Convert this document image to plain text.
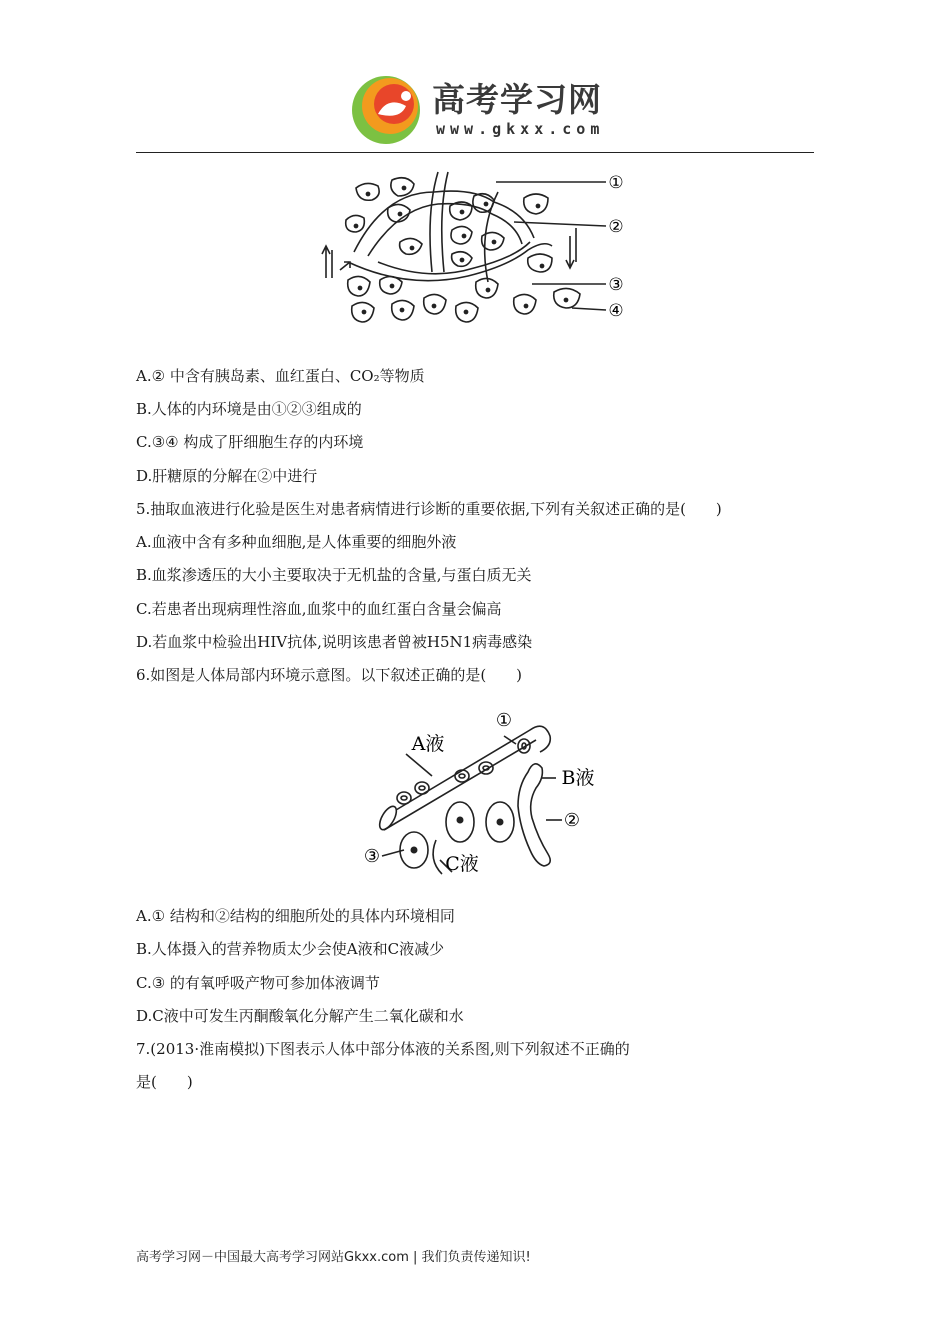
高考学习网
www.gkxx.com
①
②
③
④
A.② 中含有胰岛素、血红蛋白、CO₂等物质
B.人体的内环境是由①②③组成的
C.③④ 构成了肝细胞生存的内环境
D.肝糖原的分解在②中进行
5.抽取血液进行化验是医生对患者病情进行诊断的重要依据,下列有关叙述正确的是(　　)
A.血液中含有多种血细胞,是人体重要的细胞外液
B.血浆渗透压的大小主要取决于无机盐的含量,与蛋白质无关
C.若患者出现病理性溶血,血浆中的血红蛋白含量会偏高
D.若血浆中检验出HIV抗体,说明该患者曾被H5N1病毒感染
6.如图是人体局部内环境示意图。以下叙述正确的是(　　)
①
A液
B液
②
③	C液
A.① 结构和②结构的细胞所处的具体内环境相同
B.人体摄入的营养物质太少会使A液和C液减少
C.③ 的有氧呼吸产物可参加体液调节
D.C液中可发生丙酮酸氧化分解产生二氧化碳和水
7.(2013·淮南模拟)下图表示人体中部分体液的关系图,则下列叙述不正确的
是(　　)
高考学习网－中国最大高考学习网站Gkxx.com | 我们负责传递知识!
